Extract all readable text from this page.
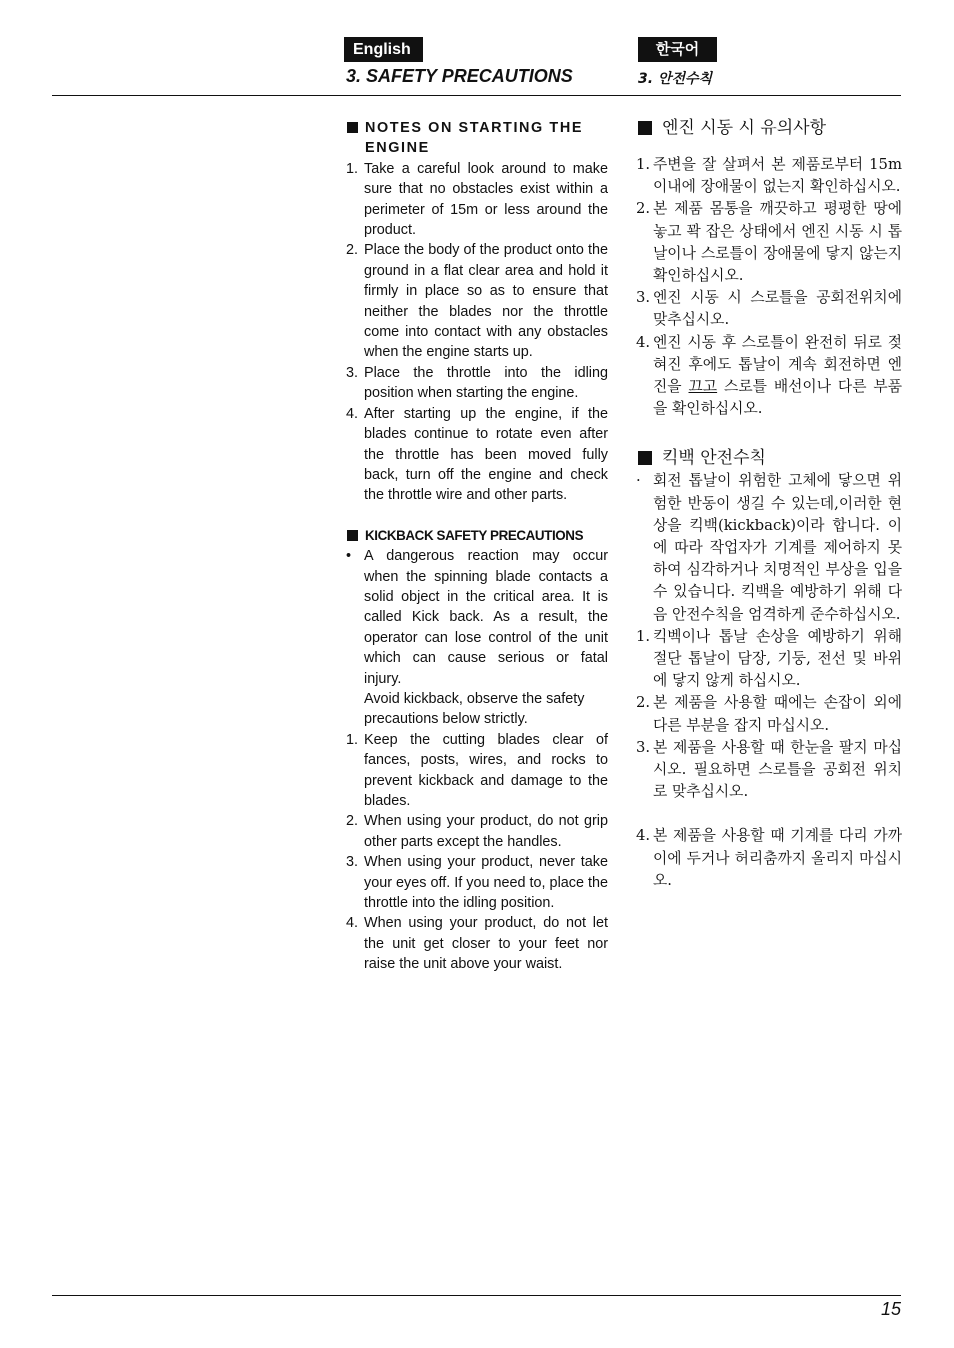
English	한국어
3. SAFETY PRECAUTIONS	3. 안전수칙
NOTES ON STARTING THE ENGINE
1. Take a careful look around to make sure that no obstacles exist within a perimeter of 15m or less around the product.
2. Place the body of the product onto the ground in a flat clear area and hold it firmly in place so as to ensure that neither the blades nor the throttle come into contact with any obstacles when the engine starts up.
3. Place the throttle into the idling position when starting the engine.
4. After starting up the engine, if the blades continue to rotate even after the throttle has been moved fully back, turn off the engine and check the throttle wire and other parts.
KICKBACK SAFETY PRECAUTIONS
• A dangerous reaction may occur when the spinning blade contacts a solid object in the critical area. It is called Kick back. As a result, the operator can lose control of the unit which can cause serious or fatal injury.

Avoid kickback, observe the safety precautions below strictly.

1. Keep the cutting blades clear of fances, posts, wires, and rocks to prevent kickback and damage to the blades.
2. When using your product, do not grip other parts except the handles.
3. When using your product, never take your eyes off. If you need to, place the throttle into the idling position.
4. When using your product, do not let the unit get closer to your feet nor raise the unit above your waist.
엔진 시동 시 유의사항
1. 주변을 잘 살펴서 본 제품로부터 15m 이내에 장애물이 없는지 확인하십시오.
2. 본 제품 몸통을 깨끗하고 평평한 땅에 놓고 꽉 잡은 상태에서 엔진 시동 시 톱날이나 스로틀이 장애물에 닿지 않는지 확인하십시오.
3. 엔진 시동 시 스로틀을 공회전위치에 맞추십시오.
4. 엔진 시동 후 스로틀이 완전히 뒤로 젖혀진 후에도 톱날이 계속 회전하면 엔진을 끄고 스로틀 배선이나 다른 부품을 확인하십시오.
킥백 안전수칙
· 회전 톱날이 위험한 고체에 닿으면 위험한 반동이 생길 수 있는데,이러한 현상을 킥백(kickback)이라 합니다. 이에 따라 작업자가 기계를 제어하지 못하여 심각하거나 치명적인 부상을 입을 수 있습니다. 킥백을 예방하기 위해 다음 안전수칙을 엄격하게 준수하십시오.
1. 킥벡이나 톱날 손상을 예방하기 위해 절단 톱날이 담장, 기둥, 전선 및 바위에 닿지 않게 하십시오.
2. 본 제품을 사용할 때에는 손잡이 외에 다른 부분을 잡지 마십시오.
3. 본 제품을 사용할 때 한눈을 팔지 마십시오. 필요하면 스로틀을 공회전 위치로 맞추십시오.
4. 본 제품을 사용할 때 기계를 다리 가까이에 두거나 허리춤까지 올리지 마십시오.
15
